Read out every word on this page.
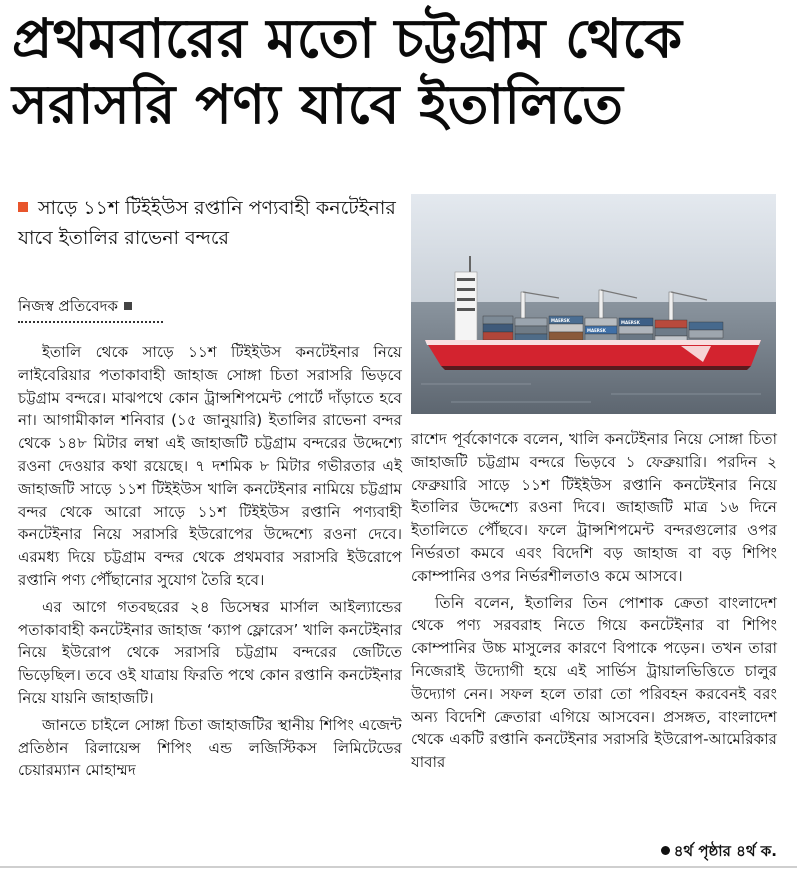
প্রথমবারের মতো চট্টগ্রাম থেকে
সরাসরি পণ্য যাবে ইতালিতে
সাড়ে ১১শ টিইইউস রপ্তানি পণ্যবাহী কনটেইনার যাবে ইতালির রাভেনা বন্দরে
নিজস্ব প্রতিবেদক
MAERSK
MAERSK
MAERSK

ইতালি থেকে সাড়ে ১১শ টিইইউস কনটেইনার নিয়ে লাইবেরিয়ার পতাকাবাহী জাহাজ সোঙ্গা চিতা সরাসরি ভিড়বে চট্টগ্রাম বন্দরে। মাঝপথে কোন ট্রান্সশিপমেন্ট পোর্টে দাঁড়াতে হবে না। আগামীকাল শনিবার (১৫ জানুয়ারি) ইতালির রাভেনা বন্দর থেকে ১৪৮ মিটার লম্বা এই জাহাজটি চট্টগ্রাম বন্দরের উদ্দেশ্যে রওনা দেওয়ার কথা রয়েছে। ৭ দশমিক ৮ মিটার গভীরতার এই জাহাজটি সাড়ে ১১শ টিইইউস খালি কনটেইনার নামিয়ে চট্টগ্রাম বন্দর থেকে আরো সাড়ে ১১শ টিইইউস রপ্তানি পণ্যবাহী কনটেইনার নিয়ে সরাসরি ইউরোপের উদ্দেশ্যে রওনা দেবে। এরমধ্য দিয়ে চট্টগ্রাম বন্দর থেকে প্রথমবার সরাসরি ইউরোপে রপ্তানি পণ্য পৌঁছানোর সুযোগ তৈরি হবে।

এর আগে গতবছরের ২৪ ডিসেম্বর মার্সাল আইল্যান্ডের পতাকাবাহী কনটেইনার জাহাজ ‘ক্যাপ ফ্লোরেস’ খালি কনটেইনার নিয়ে ইউরোপ থেকে সরাসরি চট্টগ্রাম বন্দরের জেটিতে ভিড়েছিল। তবে ওই যাত্রায় ফিরতি পথে কোন রপ্তানি কনটেইনার নিয়ে যায়নি জাহাজটি।

জানতে চাইলে সোঙ্গা চিতা জাহাজটির স্থানীয় শিপিং এজেন্ট প্রতিষ্ঠান রিলায়েন্স শিপিং এন্ড লজিস্টিকস লিমিটেডের চেয়ারম্যান মোহাম্মদ

রাশেদ পূর্বকোণকে বলেন, খালি কনটেইনার নিয়ে সোঙ্গা চিতা জাহাজটি চট্টগ্রাম বন্দরে ভিড়বে ১ ফেব্রুয়ারি। পরদিন ২ ফেব্রুয়ারি সাড়ে ১১শ টিইইউস রপ্তানি কনটেইনার নিয়ে ইতালির উদ্দেশ্যে রওনা দিবে। জাহাজটি মাত্র ১৬ দিনে ইতালিতে পৌঁছবে। ফলে ট্রান্সশিপমেন্ট বন্দরগুলোর ওপর নির্ভরতা কমবে এবং বিদেশি বড় জাহাজ বা বড় শিপিং কোম্পানির ওপর নির্ভরশীলতাও কমে আসবে।

তিনি বলেন, ইতালির তিন পোশাক ক্রেতা বাংলাদেশ থেকে পণ্য সরবরাহ নিতে গিয়ে কনটেইনার বা শিপিং কোম্পানির উচ্চ মাসুলের কারণে বিপাকে পড়েন। তখন তারা নিজেরাই উদ্যোগী হয়ে এই সার্ভিস ট্রায়ালভিত্তিতে চালুর উদ্যোগ নেন। সফল হলে তারা তো পরিবহন করবেনই বরং অন্য বিদেশি ক্রেতারা এগিয়ে আসবেন। প্রসঙ্গত, বাংলাদেশ থেকে একটি রপ্তানি কনটেইনার সরাসরি ইউরোপ-আমেরিকার যাবার

৪র্থ পৃষ্ঠার ৪র্থ ক.
